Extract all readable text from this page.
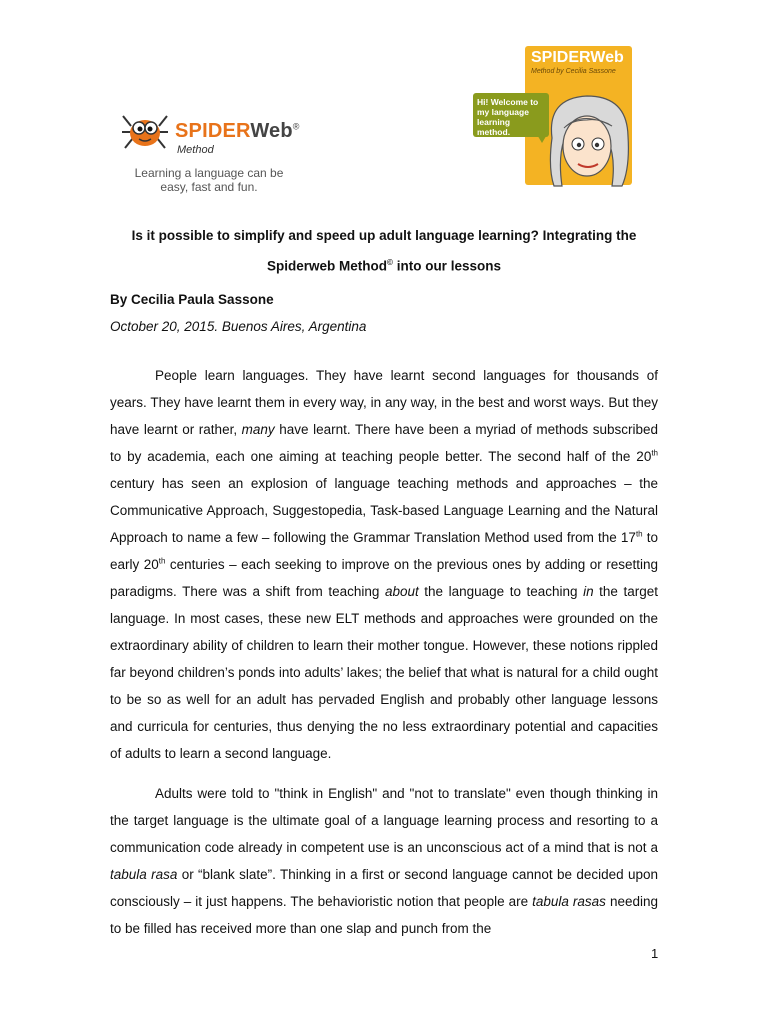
SPIDERWeb®
Method
Learning a language can be
easy, fast and fun.
SPIDERWeb
Method by Cecilia Sassone
Hi! Welcome to my language learning method.
Is it possible to simplify and speed up adult language learning? Integrating the
Spiderweb Method© into our lessons
By Cecilia Paula Sassone
October 20, 2015. Buenos Aires, Argentina

People learn languages. They have learnt second languages for thousands of years. They have learnt them in every way, in any way, in the best and worst ways. But they have learnt or rather, many have learnt. There have been a myriad of methods subscribed to by academia, each one aiming at teaching people better. The second half of the 20th century has seen an explosion of language teaching methods and approaches – the Communicative Approach, Suggestopedia, Task-based Language Learning and the Natural Approach to name a few – following the Grammar Translation Method used from the 17th to early 20th centuries – each seeking to improve on the previous ones by adding or resetting paradigms. There was a shift from teaching about the language to teaching in the target language. In most cases, these new ELT methods and approaches were grounded on the extraordinary ability of children to learn their mother tongue. However, these notions rippled far beyond children’s ponds into adults’ lakes; the belief that what is natural for a child ought to be so as well for an adult has pervaded English and probably other language lessons and curricula for centuries, thus denying the no less extraordinary potential and capacities of adults to learn a second language.

Adults were told to "think in English" and "not to translate" even though thinking in the target language is the ultimate goal of a language learning process and resorting to a communication code already in competent use is an unconscious act of a mind that is not a tabula rasa or “blank slate”. Thinking in a first or second language cannot be decided upon consciously – it just happens. The behavioristic notion that people are tabula rasas needing to be filled has received more than one slap and punch from the

1
